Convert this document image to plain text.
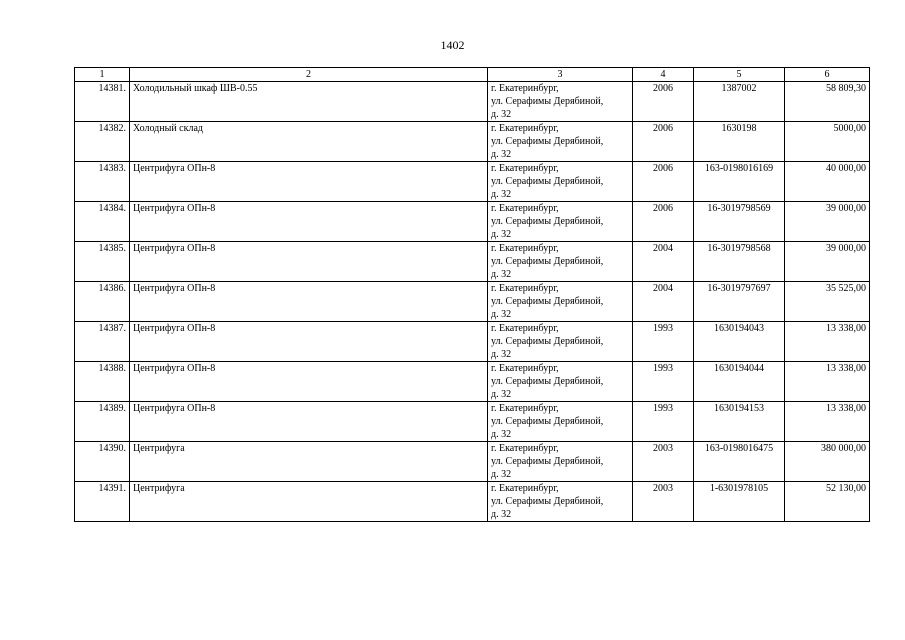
1402
1	2	3	4	5	6
14381.	Холодильный шкаф ШВ-0.55	г. Екатеринбург,
ул. Серафимы Дерябиной,
д. 32	2006	1387002	58 809,30
14382.	Холодный склад	г. Екатеринбург,
ул. Серафимы Дерябиной,
д. 32	2006	1630198	5000,00
14383.	Центрифуга ОПн-8	г. Екатеринбург,
ул. Серафимы Дерябиной,
д. 32	2006	163-0198016169	40 000,00
14384.	Центрифуга ОПн-8	г. Екатеринбург,
ул. Серафимы Дерябиной,
д. 32	2006	16-3019798569	39 000,00
14385.	Центрифуга ОПн-8	г. Екатеринбург,
ул. Серафимы Дерябиной,
д. 32	2004	16-3019798568	39 000,00
14386.	Центрифуга ОПн-8	г. Екатеринбург,
ул. Серафимы Дерябиной,
д. 32	2004	16-3019797697	35 525,00
14387.	Центрифуга ОПн-8	г. Екатеринбург,
ул. Серафимы Дерябиной,
д. 32	1993	1630194043	13 338,00
14388.	Центрифуга ОПн-8	г. Екатеринбург,
ул. Серафимы Дерябиной,
д. 32	1993	1630194044	13 338,00
14389.	Центрифуга ОПн-8	г. Екатеринбург,
ул. Серафимы Дерябиной,
д. 32	1993	1630194153	13 338,00
14390.	Центрифуга	г. Екатеринбург,
ул. Серафимы Дерябиной,
д. 32	2003	163-0198016475	380 000,00
14391.	Центрифуга	г. Екатеринбург,
ул. Серафимы Дерябиной,
д. 32	2003	1-6301978105	52 130,00
